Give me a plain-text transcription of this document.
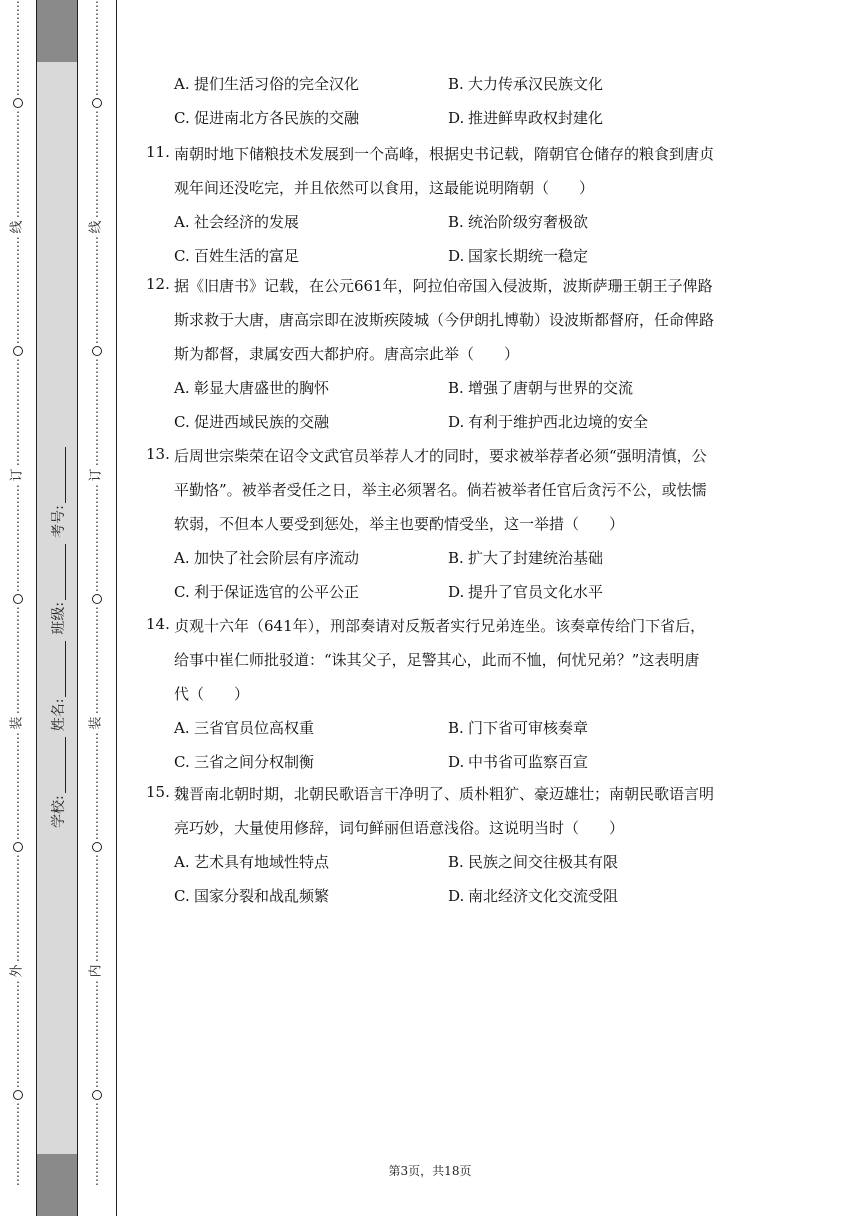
⋮
⋮
⋮
⋮
⋮
⋮
⋮
⋮
⋮
⋮
⋮
⋮
⋮
⋮
⋮
⋮
⋮
线
⋮
⋮
⋮
⋮
⋮
⋮
⋮
⋮
⋮
⋮
⋮
⋮
⋮
⋮
⋮
⋮
⋮
⋮
订
⋮
⋮
⋮
⋮
⋮
⋮
⋮
⋮
⋮
⋮
⋮
⋮
⋮
⋮
⋮
⋮
⋮
⋮
装
⋮
⋮
⋮
⋮
⋮
⋮
⋮
⋮
⋮
⋮
⋮
⋮
⋮
⋮
⋮
⋮
⋮
⋮
外
⋮
⋮
⋮
⋮
⋮
⋮
⋮
⋮
⋮
⋮
⋮
⋮
⋮
⋮
⋮
⋮
学校:
姓名:
班级:
考号:
⋮
⋮
⋮
⋮
⋮
⋮
⋮
⋮
⋮
⋮
⋮
⋮
⋮
⋮
⋮
⋮
⋮
线
⋮
⋮
⋮
⋮
⋮
⋮
⋮
⋮
⋮
⋮
⋮
⋮
⋮
⋮
⋮
⋮
⋮
⋮
订
⋮
⋮
⋮
⋮
⋮
⋮
⋮
⋮
⋮
⋮
⋮
⋮
⋮
⋮
⋮
⋮
⋮
⋮
装
⋮
⋮
⋮
⋮
⋮
⋮
⋮
⋮
⋮
⋮
⋮
⋮
⋮
⋮
⋮
⋮
⋮
⋮
内
⋮
⋮
⋮
⋮
⋮
⋮
⋮
⋮
⋮
⋮
⋮
⋮
⋮
⋮
⋮
⋮
A. 提们生活习俗的完全汉化	B. 大力传承汉民族文化
C. 促进南北方各民族的交融	D. 推进鲜卑政权封建化
11. 南朝时地下储粮技术发展到一个高峰，根据史书记载，隋朝官仓储存的粮食到唐贞
观年间还没吃完，并且依然可以食用，这最能说明隋朝（　　）
A. 社会经济的发展	B. 统治阶级穷奢极欲
C. 百姓生活的富足	D. 国家长期统一稳定
12. 据《旧唐书》记载，在公元661年，阿拉伯帝国入侵波斯，波斯萨珊王朝王子俾路
斯求救于大唐，唐高宗即在波斯疾陵城（今伊朗扎博勒）设波斯都督府，任命俾路
斯为都督，隶属安西大都护府。唐高宗此举（　　）
A. 彰显大唐盛世的胸怀	B. 增强了唐朝与世界的交流
C. 促进西域民族的交融	D. 有利于维护西北边境的安全
13. 后周世宗柴荣在诏令文武官员举荐人才的同时，要求被举荐者必须“强明清慎，公
平勤恪”。被举者受任之日，举主必须署名。倘若被举者任官后贪污不公，或怯懦
软弱，不但本人要受到惩处，举主也要酌情受坐，这一举措（　　）
A. 加快了社会阶层有序流动	B. 扩大了封建统治基础
C. 利于保证选官的公平公正	D. 提升了官员文化水平
14. 贞观十六年（641年），刑部奏请对反叛者实行兄弟连坐。该奏章传给门下省后，
给事中崔仁师批驳道：“诛其父子，足警其心，此而不恤，何忧兄弟？”这表明唐
代（　　）
A. 三省官员位高权重	B. 门下省可审核奏章
C. 三省之间分权制衡	D. 中书省可监察百宣
15. 魏晋南北朝时期，北朝民歌语言干净明了、质朴粗犷、豪迈雄壮；南朝民歌语言明
亮巧妙，大量使用修辞，词句鲜丽但语意浅俗。这说明当时（　　）
A. 艺术具有地域性特点	B. 民族之间交往极其有限
C. 国家分裂和战乱频繁	D. 南北经济文化交流受阻
第3页，共18页
